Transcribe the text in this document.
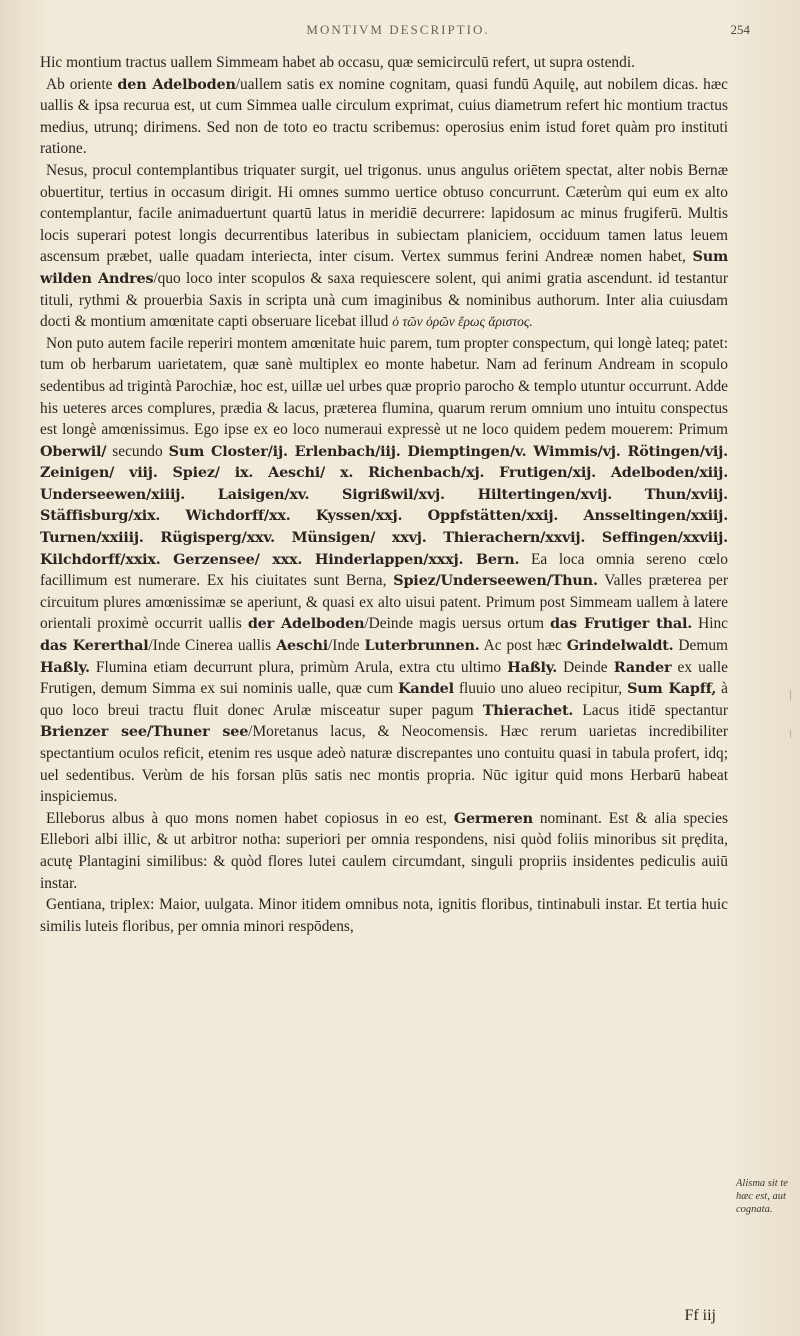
MONTIVM DESCRIPTIO.	254

Hic montium tractus uallem Simmeam habet ab occasu, quæ semicirculū refert, ut supra ostendi.

Ab oriente den Adelboden/uallem satis ex nomine cognitam, quasi fundū Aquilę, aut nobilem dicas. hæc uallis & ipsa recurua est, ut cum Simmea ualle circulum exprimat, cuius diametrum refert hic montium tractus medius, utrunq; dirimens. Sed non de toto eo tractu scribemus: operosius enim istud foret quàm pro instituti ratione.

Nesus, procul contemplantibus triquater surgit, uel trigonus. unus angulus oriētem spectat, alter nobis Bernæ obuertitur, tertius in occasum dirigit. Hi omnes summo uertice obtuso concurrunt. Cæterùm qui eum ex alto contemplantur, facile animaduertunt quartū latus in meridiē decurrere: lapidosum ac minus frugiferū. Multis locis superari potest longis decurrentibus lateribus in subiectam planiciem, occiduum tamen latus leuem ascensum præbet, ualle quadam interiecta, inter cisum. Vertex summus ferini Andreæ nomen habet, Sum wilden Andres/quo loco inter scopulos & saxa requiescere solent, qui animi gratia ascendunt. id testantur tituli, rythmi & prouerbia Saxis in scripta unà cum imaginibus & nominibus authorum. Inter alia cuiusdam docti & montium amœnitate capti obseruare licebat illud ὁ τῶν ὀρῶν ἔρως ἄριστος.

Non puto autem facile reperiri montem amœnitate huic parem, tum propter conspectum, qui longè lateq; patet: tum ob herbarum uarietatem, quæ sanè multiplex eo monte habetur. Nam ad ferinum Andream in scopulo sedentibus ad trigintà Parochiæ, hoc est, uillæ uel urbes quæ proprio parocho & templo utuntur occurrunt. Adde his ueteres arces complures, prædia & lacus, præterea flumina, quarum rerum omnium uno intuitu conspectus est longè amœnissimus. Ego ipse ex eo loco numeraui expressè ut ne loco quidem pedem mouerem: Primum Oberwil/ secundo Sum Closter/ij. Erlenbach/iij. Diemptingen/v. Wimmis/vj. Rötingen/vij. Zeinigen/ viij. Spiez/ ix. Aeschi/ x. Richenbach/xj. Frutigen/xij. Adelboden/xiij. Underseewen/xiiij. Laisigen/xv. Sigrißwil/xvj. Hiltertingen/xvij. Thun/xviij. Stäffisburg/xix. Wichdorff/xx. Kyssen/xxj. Oppfstätten/xxij. Ansseltingen/xxiij. Turnen/xxiiij. Rügisperg/xxv. Münsigen/ xxvj. Thierachern/xxvij. Seffingen/xxviij. Kilchdorff/xxix. Gerzensee/ xxx. Hinderlappen/xxxj. Bern. Ea loca omnia sereno cœlo facillimum est numerare. Ex his ciuitates sunt Berna, Spiez/Underseewen/Thun. Valles præterea per circuitum plures amœnissimæ se aperiunt, & quasi ex alto uisui patent. Primum post Simmeam uallem à latere orientali proximè occurrit uallis der Adelboden/Deinde magis uersus ortum das Frutiger thal. Hinc das Kererthal/Inde Cinerea uallis Aeschi/Inde Luterbrunnen. Ac post hæc Grindelwaldt. Demum Haßly. Flumina etiam decurrunt plura, primùm Arula, extra ctu ultimo Haßly. Deinde Rander ex ualle Frutigen, demum Simma ex sui nominis ualle, quæ cum Kandel fluuio uno alueo recipitur, Sum Kapff, à quo loco breui tractu fluit donec Arulæ misceatur super pagum Thierachet. Lacus itidē spectantur Brienzer see/Thuner see/Moretanus lacus, & Neocomensis. Hæc rerum uarietas incredibiliter spectantium oculos reficit, etenim res usque adeò naturæ discrepantes uno contuitu quasi in tabula profert, idq; uel sedentibus. Verùm de his forsan plūs satis nec montis propria. Nūc igitur quid mons Herbarū habeat inspiciemus.

Elleborus albus à quo mons nomen habet copiosus in eo est, Germeren nominant. Est & alia species Ellebori albi illic, & ut arbitror notha: superiori per omnia respondens, nisi quòd foliis minoribus sit prędita, acutę Plantagini similibus: & quòd flores lutei caulem circumdant, singuli propriis insidentes pediculis auiū instar.

Gentiana, triplex: Maior, uulgata. Minor itidem omnibus nota, ignitis floribus, tintinabuli instar. Et tertia huic similis luteis floribus, per omnia minori respōdens,

Alisma sit te hæc est, aut cognata.
Ff iij
